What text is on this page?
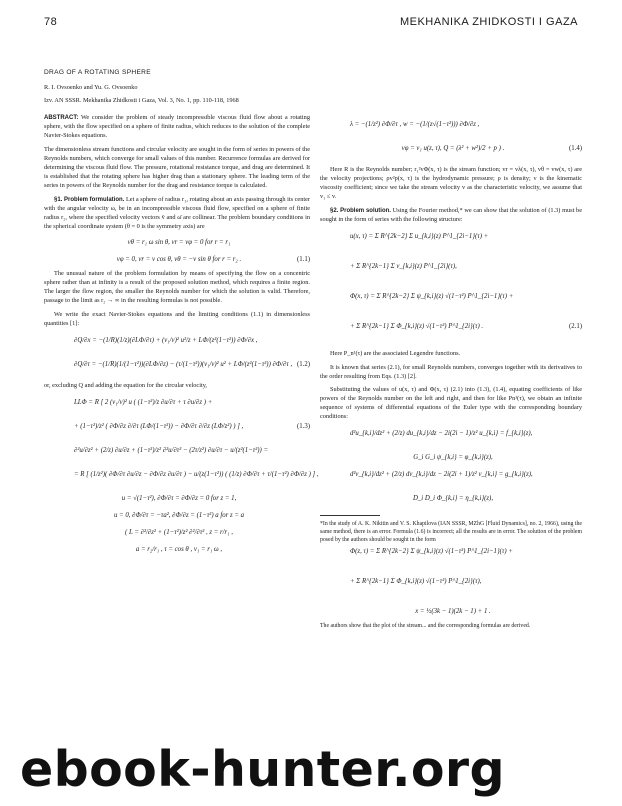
78	MEKHANIKA ZHIDKOSTI I GAZA
DRAG OF A ROTATING SPHERE
R. I. Ovsoenko and Yu. G. Ovsoenko
Izv. AN SSSR. Mekhanika Zhidkosti i Gaza, Vol. 3, No. 1, pp. 110-118, 1968

ABSTRACT: We consider the problem of steady incompressible viscous fluid flow about a rotating sphere, with the flow specified on a sphere of finite radius, which reduces to the solution of the complete Navier-Stokes equations.

The dimensionless stream functions and circular velocity are sought in the form of series in powers of the Reynolds numbers, which converge for small values of this number. Recurrence formulas are derived for determining the viscous fluid flow. The pressure, rotational resistance torque, and drag are determined. It is established that the rotating sphere has higher drag than a stationary sphere. The leading term of the series in powers of the Reynolds number for the drag and resistance torque is calculated.

§1. Problem formulation. Let a sphere of radius r₁, rotating about an axis passing through its center with the angular velocity ω, be in an incompressible viscous fluid flow, specified on a sphere of finite radius r₂, where the specified velocity vectors v̄ and ω̄ are collinear. The problem boundary conditions in the spherical coordinate system (θ = 0 is the symmetry axis) are

vθ = r₁ ω sin θ, vr = vφ = 0 for r = r₁
vφ = 0, vr = v cos θ, vθ = −v sin θ for r = r₂ .	(1.1)

The unusual nature of the problem formulation by means of specifying the flow on a concentric sphere rather than at infinity is a result of the proposed solution method, which requires a finite region. The larger the flow region, the smaller the Reynolds number for which the solution is valid. Therefore, passage to the limit as r₂ → ∞ in the resulting formulas is not possible.

We write the exact Navier-Stokes equations and the limiting conditions (1.1) in dimensionless quantities [1]:

∂Q/∂x = −(1/R)(1/z)(∂LΦ/∂τ) + (v₁/v)² u²/z + LΦ/(z²(1−τ²)) ∂Φ/∂x ,
∂Q/∂τ = −(1/R)(1/(1−τ²))(∂LΦ/∂z) − (τ/(1−τ²))(v₁/v)² u² + LΦ/(z²(1−τ²)) ∂Φ/∂τ , (1.2)

or, excluding Q and adding the equation for the circular velocity,

LLΦ = R [ 2 (v₁/v)² u ( (1−τ²)/z ∂u/∂τ + τ ∂u/∂z ) +
+ (1−τ²)/z² ( ∂Φ/∂z ∂/∂τ (LΦ/(1−τ²)) − ∂Φ/∂τ ∂/∂z (LΦ/z²) ) ] ,	(1.3)
∂²u/∂z² + (2/z) ∂u/∂z + (1−τ²)/z² ∂²u/∂τ² − (2τ/z²) ∂u/∂τ − u/(z²(1−τ²)) =
= R [ (1/z²)( ∂Φ/∂τ ∂u/∂z − ∂Φ/∂z ∂u/∂τ ) − u/(z(1−τ²)) ( (1/z) ∂Φ/∂τ + τ/(1−τ²) ∂Φ/∂z ) ] ,
u = √(1−τ²), ∂Φ/∂τ = ∂Φ/∂z = 0 for z = 1,
u = 0, ∂Φ/∂τ = −τa², ∂Φ/∂z = (1−τ²) a for z = a
( L = ∂²/∂z² + (1−τ²)/z² ∂²/∂τ² , z = r/r₁ ,
a = r₂/r₁ , τ = cos θ , v₁ = r₁ ω ,
λ = −(1/z²) ∂Φ/∂τ , w = −(1/(z√(1−τ²))) ∂Φ/∂z ,
vφ = v₁ u(z, τ), Q = (λ² + w²)/2 + p ) .	(1.4)

Here R is the Reynolds number; r₁²vΦ(x, τ) is the stream function; vr = vλ(x, τ), vθ = vw(x, τ) are the velocity projections; ρv²p(x, τ) is the hydrodynamic pressure; ρ is density; ν is the kinematic viscosity coefficient; since we take the stream velocity v as the characteristic velocity, we assume that v₁ ≤ v.

§2. Problem solution. Using the Fourier method,* we can show that the solution of (1.3) must be sought in the form of series with the following structure:

u(x, τ) = Σ R^{2k−2} Σ u_{k,i}(z) P^1_{2i−1}(τ) +
+ Σ R^{2k−1} Σ v_{k,i}(z) P^1_{2i}(τ),
Φ(x, τ) = Σ R^{2k−2} Σ ψ_{k,i}(z) √(1−τ²) P^1_{2i−1}(τ) +
+ Σ R^{2k−1} Σ Φ_{k,i}(z) √(1−τ²) P^1_{2i}(τ) .	(2.1)

Here P_n¹(τ) are the associated Legendre functions.

It is known that series (2.1), for small Reynolds numbers, converges together with its derivatives to the order resulting from Eqs. (1.3) [2].

Substituting the values of u(x, τ) and Φ(x, τ) (2.1) into (1.3), (1.4), equating coefficients of like powers of the Reynolds number on the left and right, and then for like Pn¹(τ), we obtain an infinite sequence of systems of differential equations of the Euler type with the corresponding boundary conditions:

d²u_{k,i}/dz² + (2/z) du_{k,i}/dz − 2i(2i − 1)/z² u_{k,i} = f_{k,i}(z),
G_i G_i ψ_{k,i} = φ_{k,i}(z),
d²v_{k,i}/dz² + (2/z) dv_{k,i}/dz − 2i(2i + 1)/z² v_{k,i} = g_{k,i}(z),
D_i D_i Φ_{k,i} = η_{k,i}(z),
*In the study of A. K. Nikitin and V. S. Khapilova (IAN SSSR, MZhG [Fluid Dynamics], no. 2, 1966), using the same method, there is an error. Formula (1.6) is incorrect; all the results are in error. The solution of the problem posed by the authors should be sought in the form
Φ(z, τ) = Σ R^{2k−2} Σ ψ_{k,i}(z) √(1−τ²) P^1_{2i−1}(τ) +
+ Σ R^{2k−1} Σ Φ_{k,i}(z) √(1−τ²) P^1_{2i}(τ),
x = ½(3k − 1)(2k − 1) + 1 .
The authors show that the plot of the stream... and the corresponding formulas are derived.
ebook-hunter.org
